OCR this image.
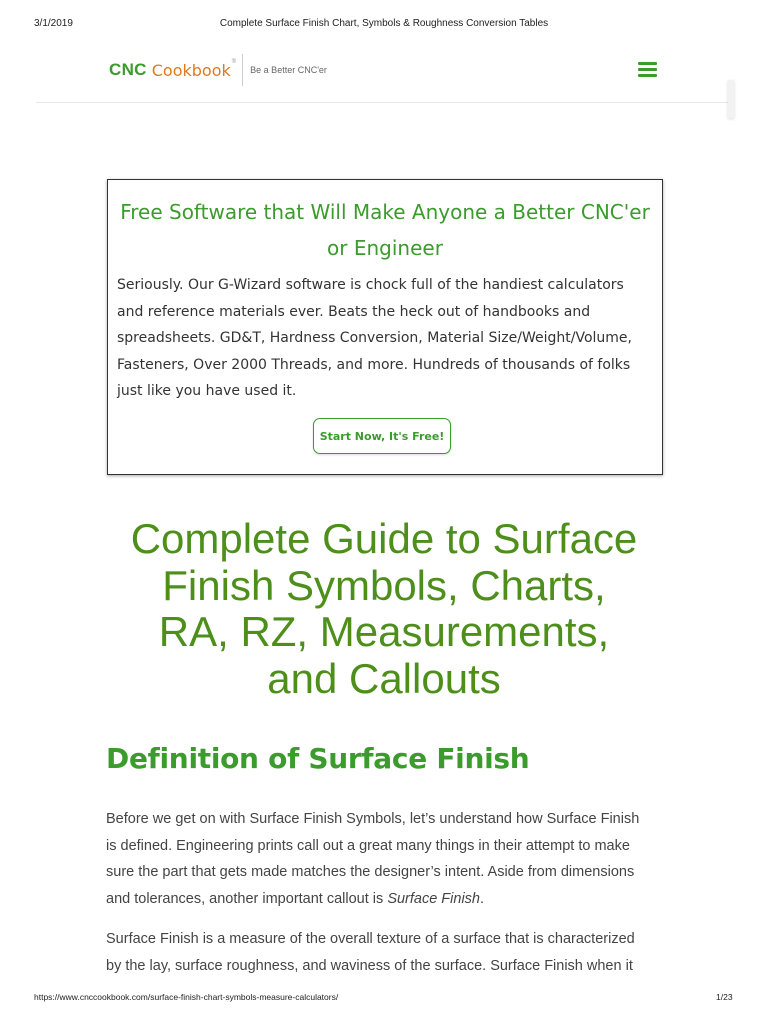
3/1/2019	Complete Surface Finish Chart, Symbols & Roughness Conversion Tables
CNC Cookbook ®
Be a Better CNC'er
Free Software that Will Make Anyone a Better CNC'er or Engineer
Seriously. Our G-Wizard software is chock full of the handiest calculators
and reference materials ever. Beats the heck out of handbooks and
spreadsheets. GD&T, Hardness Conversion, Material Size/Weight/Volume,
Fasteners, Over 2000 Threads, and more. Hundreds of thousands of folks
just like you have used it.
Start Now, It's Free!
Complete Guide to Surface
Finish Symbols, Charts,
RA, RZ, Measurements,
and Callouts
Definition of Surface Finish

Before we get on with Surface Finish Symbols, let’s understand how Surface Finish
is defined. Engineering prints call out a great many things in their attempt to make
sure the part that gets made matches the designer’s intent. Aside from dimensions
and tolerances, another important callout is Surface Finish.

Surface Finish is a measure of the overall texture of a surface that is characterized
by the lay, surface roughness, and waviness of the surface. Surface Finish when it

https://www.cnccookbook.com/surface-finish-chart-symbols-measure-calculators/	1/23
